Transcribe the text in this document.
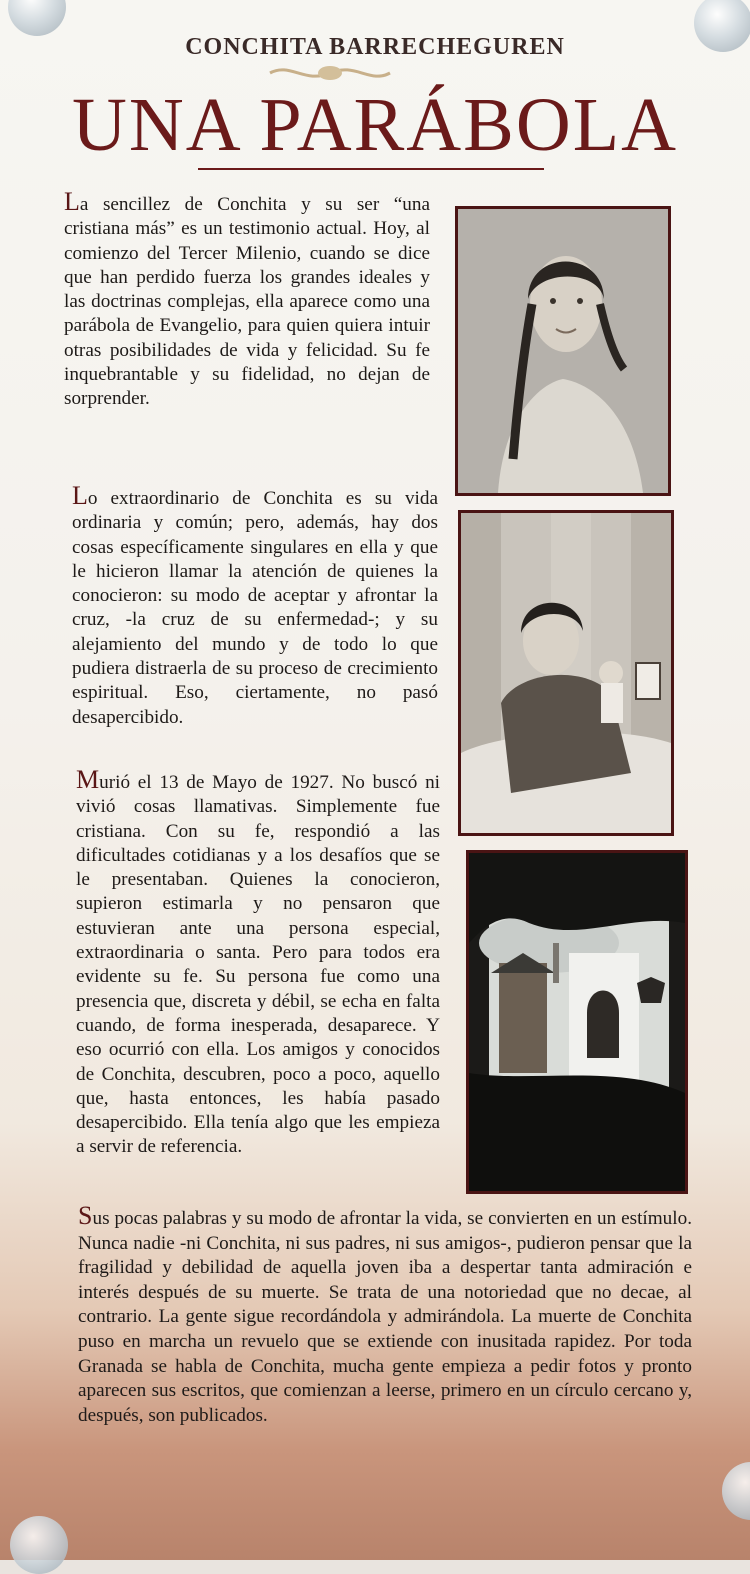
CONCHITA BARRECHEGUREN
UNA PARÁBOLA
La sencillez de Conchita y su ser “una cristiana más” es un testimonio actual. Hoy, al comienzo del Tercer Milenio, cuando se dice que han perdido fuerza los grandes ideales y las doctrinas complejas, ella aparece como una parábola de Evangelio, para quien quiera intuir otras posibilidades de vida y felicidad. Su fe inquebrantable y su fidelidad, no dejan de sorprender.
Lo extraordinario de Conchita es su vida ordinaria y común; pero, además, hay dos cosas específicamente singulares en ella y que le hicieron llamar la atención de quienes la conocieron: su modo de aceptar y afrontar la cruz, -la cruz de su enfermedad-; y su alejamiento del mundo y de todo lo que pudiera distraerla de su proceso de crecimiento espiritual. Eso, ciertamente, no pasó desapercibido.
Murió el 13 de Mayo de 1927. No buscó ni vivió cosas llamativas. Simplemente fue cristiana. Con su fe, respondió a las dificultades cotidianas y a los desafíos que se le presentaban. Quienes la conocieron, supieron estimarla y no pensaron que estuvieran ante una persona especial, extraordinaria o santa. Pero para todos era evidente su fe. Su persona fue como una presencia que, discreta y débil, se echa en falta cuando, de forma inesperada, desaparece. Y eso ocurrió con ella. Los amigos y conocidos de Conchita, descubren, poco a poco, aquello que, hasta entonces, les había pasado desapercibido. Ella tenía algo que les empieza a servir de referencia.
Sus pocas palabras y su modo de afrontar la vida, se convierten en un estímulo. Nunca nadie -ni Conchita, ni sus padres, ni sus amigos-, pudieron pensar que la fragilidad y debilidad de aquella joven iba a despertar tanta admiración e interés después de su muerte. Se trata de una notoriedad que no decae, al contrario. La gente sigue recordándola y admirándola. La muerte de Conchita puso en marcha un revuelo que se extiende con inusitada rapidez. Por toda Granada se habla de Conchita, mucha gente empieza a pedir fotos y pronto aparecen sus escritos, que comienzan a leerse, primero en un círculo cercano y, después, son publicados.
